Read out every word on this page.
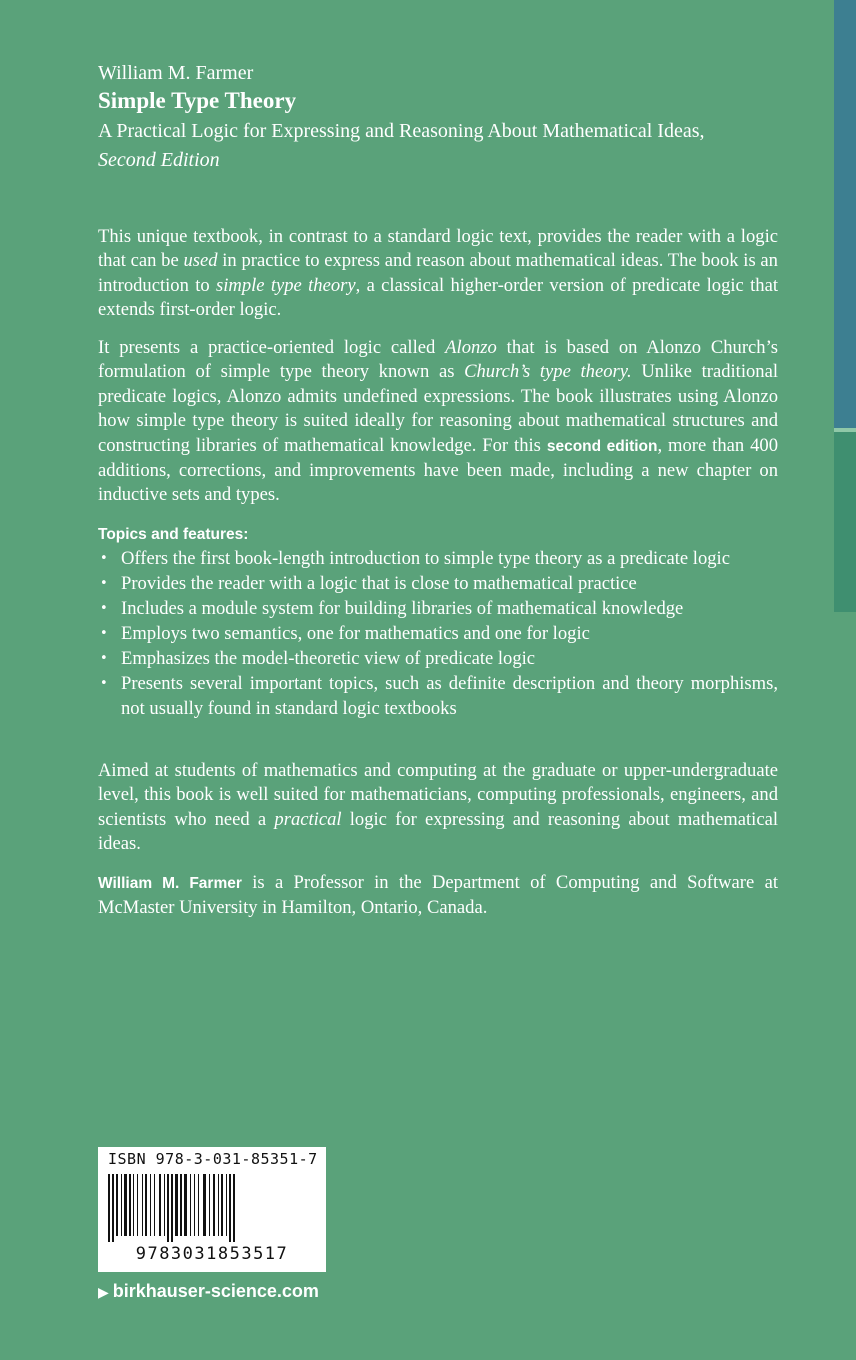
William M. Farmer
Simple Type Theory
A Practical Logic for Expressing and Reasoning About Mathematical Ideas,
Second Edition
This unique textbook, in contrast to a standard logic text, provides the reader with a logic that can be used in practice to express and reason about mathematical ideas. The book is an introduction to simple type theory, a classical higher-order version of predicate logic that extends first-order logic.
It presents a practice-oriented logic called Alonzo that is based on Alonzo Church’s formulation of simple type theory known as Church’s type theory. Unlike traditional predicate logics, Alonzo admits undefined expressions. The book illustrates using Alonzo how simple type theory is suited ideally for reasoning about mathematical structures and constructing libraries of mathematical knowledge. For this second edition, more than 400 additions, corrections, and improvements have been made, including a new chapter on inductive sets and types.
Topics and features:
• Offers the first book-length introduction to simple type theory as a predicate logic
• Provides the reader with a logic that is close to mathematical practice
• Includes a module system for building libraries of mathematical knowledge
• Employs two semantics, one for mathematics and one for logic
• Emphasizes the model-theoretic view of predicate logic
• Presents several important topics, such as definite description and theory morphisms, not usually found in standard logic textbooks
Aimed at students of mathematics and computing at the graduate or upper-undergraduate level, this book is well suited for mathematicians, computing professionals, engineers, and scientists who need a practical logic for expressing and reasoning about mathematical ideas.
William M. Farmer is a Professor in the Department of Computing and Software at McMaster University in Hamilton, Ontario, Canada.
ISBN 978-3-031-85351-7
9783031853517
▶ birkhauser-science.com
